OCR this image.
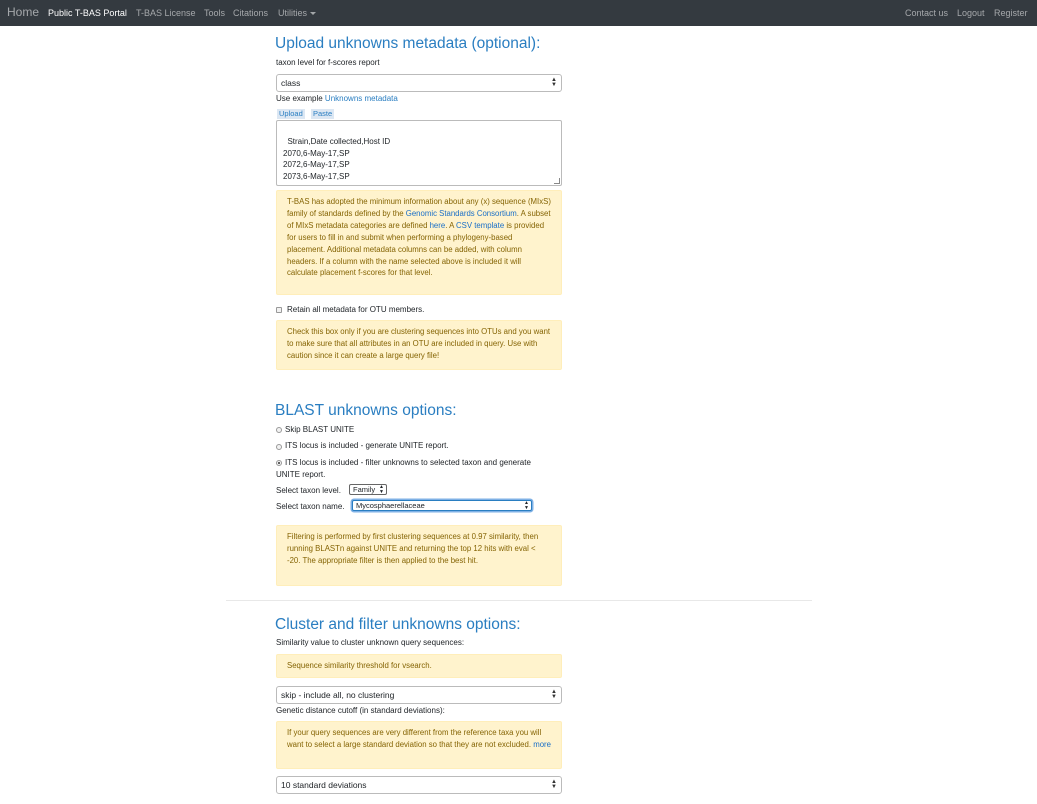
Home Public T-BAS Portal T-BAS License Tools Citations Utilities	Contact us Logout Register
Upload unknowns metadata (optional):
taxon level for f-scores report
class	▲
▼
Use example Unknowns metadata
Upload Paste

Strain,Date collected,Host ID
2070,6-May-17,SP
2072,6-May-17,SP
2073,6-May-17,SP

T-BAS has adopted the minimum information about any (x) sequence (MIxS) family of standards defined by the Genomic Standards Consortium. A subset of MIxS metadata categories are defined here. A CSV template is provided for users to fill in and submit when performing a phylogeny-based placement. Additional metadata columns can be added, with column headers. If a column with the name selected above is included it will calculate placement f-scores for that level.
Retain all metadata for OTU members.
Check this box only if you are clustering sequences into OTUs and you want to make sure that all attributes in an OTU are included in query. Use with caution since it can create a large query file!
BLAST unknowns options:
Skip BLAST UNITE
ITS locus is included - generate UNITE report.
ITS locus is included - filter unknowns to selected taxon and generate
UNITE report.
Select taxon level.	Family ▲
▼
Select taxon name.	Mycosphaerellaceae	▲
▼
Filtering is performed by first clustering sequences at 0.97 similarity, then running BLASTn against UNITE and returning the top 12 hits with eval < -20. The appropriate filter is then applied to the best hit.
Cluster and filter unknowns options:
Similarity value to cluster unknown query sequences:
Sequence similarity threshold for vsearch.
skip - include all, no clustering	▲
▼
Genetic distance cutoff (in standard deviations):
If your query sequences are very different from the reference taxa you will want to select a large standard deviation so that they are not excluded. more
10 standard deviations	▲
▼
